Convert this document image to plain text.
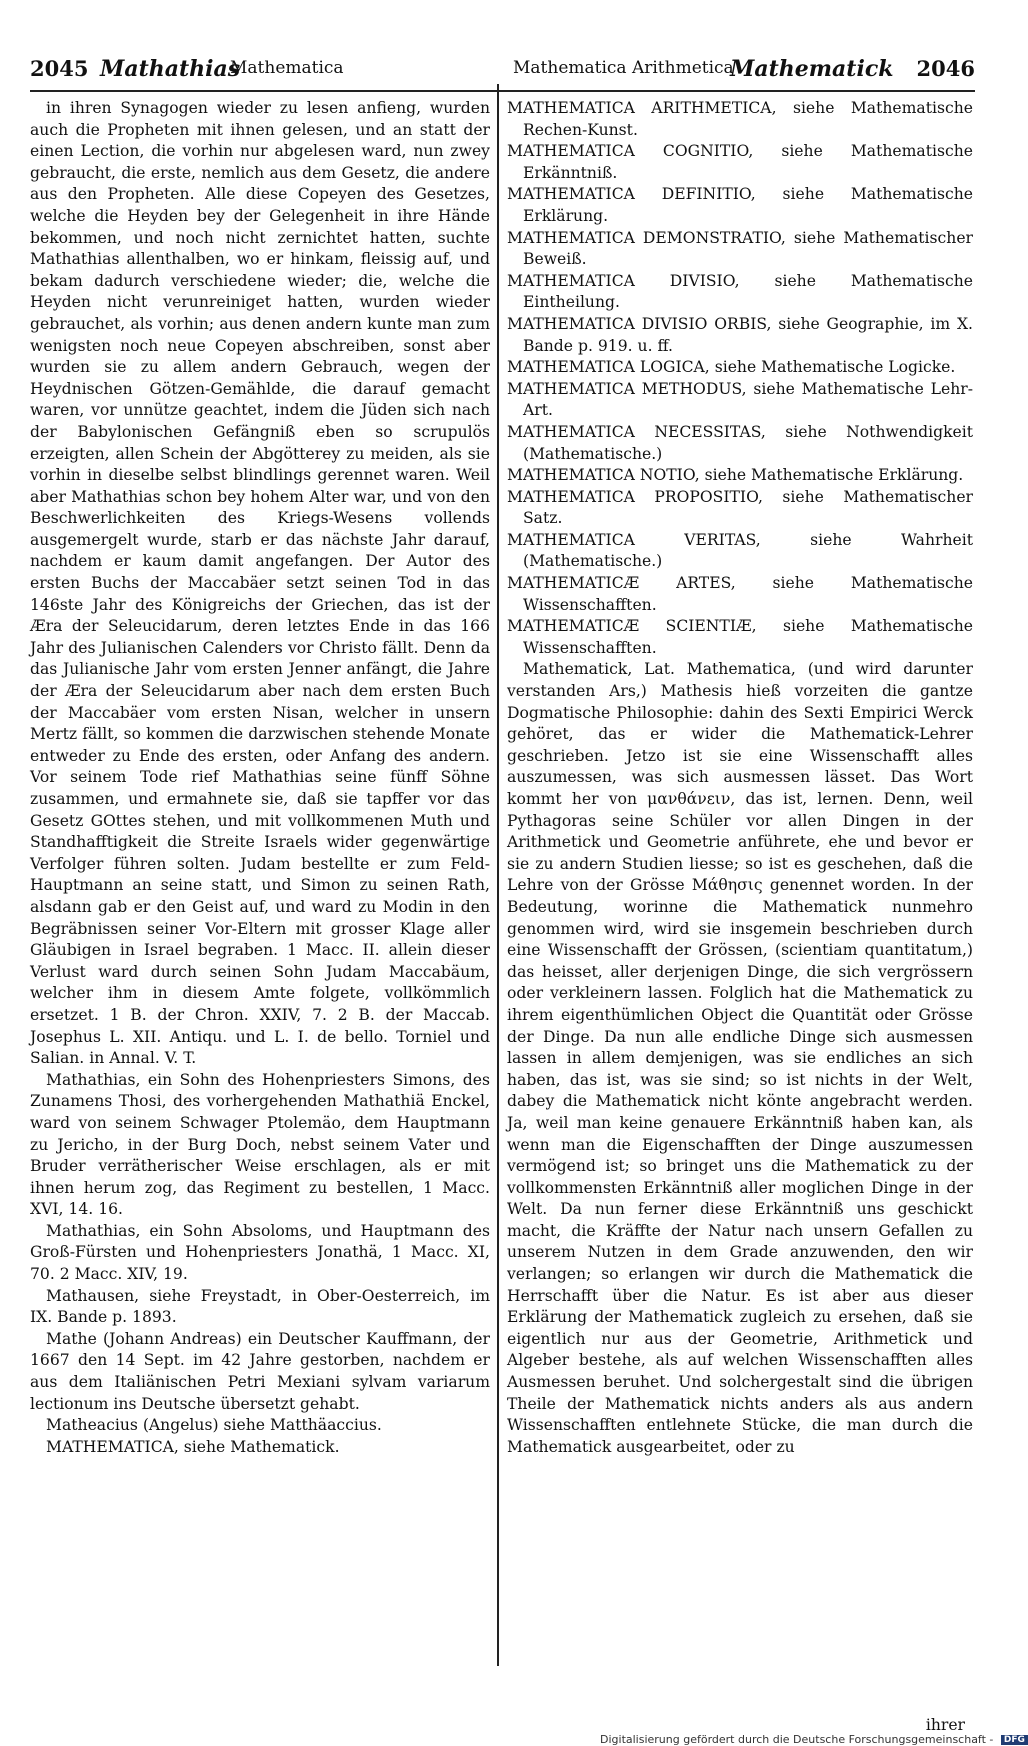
2045 Mathathias
Mathematica	Mathematica Arithmetica
Mathematick 2046

in ihren Synagogen wieder zu lesen anfieng, wurden auch die Propheten mit ihnen gelesen, und an statt der einen Lection, die vorhin nur abgelesen ward, nun zwey gebraucht, die erste, nemlich aus dem Gesetz, die andere aus den Propheten. Alle diese Copeyen des Gesetzes, welche die Heyden bey der Gelegenheit in ihre Hände bekommen, und noch nicht zernichtet hatten, suchte Mathathias allenthalben, wo er hinkam, fleissig auf, und bekam dadurch verschiedene wieder; die, welche die Heyden nicht verunreiniget hatten, wurden wieder gebrauchet, als vorhin; aus denen andern kunte man zum wenigsten noch neue Copeyen abschreiben, sonst aber wurden sie zu allem andern Gebrauch, wegen der Heydnischen Götzen-Gemählde, die darauf gemacht waren, vor unnütze geachtet, indem die Jüden sich nach der Babylonischen Gefängniß eben so scrupulös erzeigten, allen Schein der Abgötterey zu meiden, als sie vorhin in dieselbe selbst blindlings gerennet waren. Weil aber Mathathias schon bey hohem Alter war, und von den Beschwerlichkeiten des Kriegs-Wesens vollends ausgemergelt wurde, starb er das nächste Jahr darauf, nachdem er kaum damit angefangen. Der Autor des ersten Buchs der Maccabäer setzt seinen Tod in das 146ste Jahr des Königreichs der Griechen, das ist der Æra der Seleucidarum, deren letztes Ende in das 166 Jahr des Julianischen Calenders vor Christo fällt. Denn da das Julianische Jahr vom ersten Jenner anfängt, die Jahre der Æra der Seleucidarum aber nach dem ersten Buch der Maccabäer vom ersten Nisan, welcher in unsern Mertz fällt, so kommen die darzwischen stehende Monate entweder zu Ende des ersten, oder Anfang des andern. Vor seinem Tode rief Mathathias seine fünff Söhne zusammen, und ermahnete sie, daß sie tapffer vor das Gesetz GOttes stehen, und mit vollkommenen Muth und Standhafftigkeit die Streite Israels wider gegenwärtige Verfolger führen solten. Judam bestellte er zum Feld-Hauptmann an seine statt, und Simon zu seinen Rath, alsdann gab er den Geist auf, und ward zu Modin in den Begräbnissen seiner Vor-Eltern mit grosser Klage aller Gläubigen in Israel begraben. 1 Macc. II. allein dieser Verlust ward durch seinen Sohn Judam Maccabäum, welcher ihm in diesem Amte folgete, vollkömmlich ersetzet. 1 B. der Chron. XXIV, 7. 2 B. der Maccab. Josephus L. XII. Antiqu. und L. I. de bello. Torniel und Salian. in Annal. V. T.

Mathathias, ein Sohn des Hohenpriesters Simons, des Zunamens Thosi, des vorhergehenden Mathathiä Enckel, ward von seinem Schwager Ptolemäo, dem Hauptmann zu Jericho, in der Burg Doch, nebst seinem Vater und Bruder verrätherischer Weise erschlagen, als er mit ihnen herum zog, das Regiment zu bestellen, 1 Macc. XVI, 14. 16.

Mathathias, ein Sohn Absoloms, und Hauptmann des Groß-Fürsten und Hohenpriesters Jonathä, 1 Macc. XI, 70. 2 Macc. XIV, 19.

Mathausen, siehe Freystadt, in Ober-Oesterreich, im IX. Bande p. 1893.

Mathe (Johann Andreas) ein Deutscher Kauffmann, der 1667 den 14 Sept. im 42 Jahre gestorben, nachdem er aus dem Italiänischen Petri Mexiani sylvam variarum lectionum ins Deutsche übersetzt gehabt.

Matheacius (Angelus) siehe Matthäaccius.

MATHEMATICA, siehe Mathematick.

MATHEMATICA ARITHMETICA, siehe Mathematische Rechen-Kunst.

MATHEMATICA COGNITIO, siehe Mathematische Erkänntniß.

MATHEMATICA DEFINITIO, siehe Mathematische Erklärung.

MATHEMATICA DEMONSTRATIO, siehe Mathematischer Beweiß.

MATHEMATICA DIVISIO, siehe Mathematische Eintheilung.

MATHEMATICA DIVISIO ORBIS, siehe Geographie, im X. Bande p. 919. u. ff.

MATHEMATICA LOGICA, siehe Mathematische Logicke.

MATHEMATICA METHODUS, siehe Mathematische Lehr-Art.

MATHEMATICA NECESSITAS, siehe Nothwendigkeit (Mathematische.)

MATHEMATICA NOTIO, siehe Mathematische Erklärung.

MATHEMATICA PROPOSITIO, siehe Mathematischer Satz.

MATHEMATICA VERITAS, siehe Wahrheit (Mathematische.)

MATHEMATICÆ ARTES, siehe Mathematische Wissenschafften.

MATHEMATICÆ SCIENTIÆ, siehe Mathematische Wissenschafften.

Mathematick, Lat. Mathematica, (und wird darunter verstanden Ars,) Mathesis hieß vorzeiten die gantze Dogmatische Philosophie: dahin des Sexti Empirici Werck gehöret, das er wider die Mathematick-Lehrer geschrieben. Jetzo ist sie eine Wissenschafft alles auszumessen, was sich ausmessen lässet. Das Wort kommt her von μανθάνειν, das ist, lernen. Denn, weil Pythagoras seine Schüler vor allen Dingen in der Arithmetick und Geometrie anführete, ehe und bevor er sie zu andern Studien liesse; so ist es geschehen, daß die Lehre von der Grösse Μάθησις genennet worden. In der Bedeutung, worinne die Mathematick nunmehro genommen wird, wird sie insgemein beschrieben durch eine Wissenschafft der Grössen, (scientiam quantitatum,) das heisset, aller derjenigen Dinge, die sich vergrössern oder verkleinern lassen. Folglich hat die Mathematick zu ihrem eigenthümlichen Object die Quantität oder Grösse der Dinge. Da nun alle endliche Dinge sich ausmessen lassen in allem demjenigen, was sie endliches an sich haben, das ist, was sie sind; so ist nichts in der Welt, dabey die Mathematick nicht könte angebracht werden. Ja, weil man keine genauere Erkänntniß haben kan, als wenn man die Eigenschafften der Dinge auszumessen vermögend ist; so bringet uns die Mathematick zu der vollkommensten Erkänntniß aller moglichen Dinge in der Welt. Da nun ferner diese Erkänntniß uns geschickt macht, die Kräffte der Natur nach unsern Gefallen zu unserem Nutzen in dem Grade anzuwenden, den wir verlangen; so erlangen wir durch die Mathematick die Herrschafft über die Natur. Es ist aber aus dieser Erklärung der Mathematick zugleich zu ersehen, daß sie eigentlich nur aus der Geometrie, Arithmetick und Algeber bestehe, als auf welchen Wissenschafften alles Ausmessen beruhet. Und solchergestalt sind die übrigen Theile der Mathematick nichts anders als aus andern Wissenschafften entlehnete Stücke, die man durch die Mathematick ausgearbeitet, oder zu

ihrer
Digitalisierung gefördert durch die Deutsche Forschungsgemeinschaft - DFG
